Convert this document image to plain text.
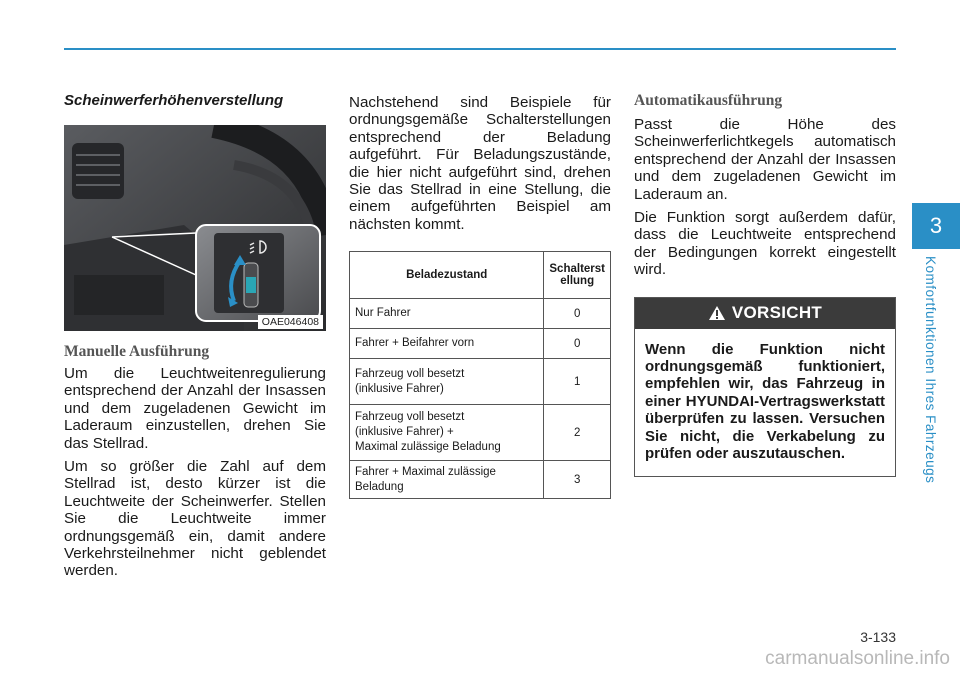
Scheinwerferhöhenverstellung
OAE046408
Manuelle Ausführung

Um die Leuchtweitenregulierung entsprechend der Anzahl der Insassen und dem zugeladenen Gewicht im Laderaum einzustellen, drehen Sie das Stellrad.

Um so größer die Zahl auf dem Stellrad ist, desto kürzer ist die Leuchtweite der Scheinwerfer. Stellen Sie die Leuchtweite immer ordnungsgemäß ein, damit andere Verkehrsteilnehmer nicht geblendet werden.

Nachstehend sind Beispiele für ordnungsgemäße Schalterstellungen entsprechend der Beladung aufgeführt. Für Beladungszustände, die hier nicht aufgeführt sind, drehen Sie das Stellrad in eine Stellung, die einem aufgeführten Beispiel am nächsten kommt.

Beladezustand	Schalterst ellung
Nur Fahrer	0
Fahrer + Beifahrer vorn	0
Fahrzeug voll besetzt
(inklusive Fahrer)	1
Fahrzeug voll besetzt
(inklusive Fahrer) +
Maximal zulässige Beladung	2
Fahrer + Maximal zulässige
Beladung	3
Automatikausführung

Passt die Höhe des Scheinwerferlichtkegels automatisch entsprechend der Anzahl der Insassen und dem zugeladenen Gewicht im Laderaum an.

Die Funktion sorgt außerdem dafür, dass die Leuchtweite entsprechend der Bedingungen korrekt eingestellt wird.

VORSICHT
Wenn die Funktion nicht ordnungsgemäß funktioniert, empfehlen wir, das Fahrzeug in einer HYUNDAI-Vertragswerkstatt überprüfen zu lassen. Versuchen Sie nicht, die Verkabelung zu prüfen oder auszutauschen.
3
Komfortfunktionen Ihres Fahrzeugs
3-133
carmanualsonline.info
